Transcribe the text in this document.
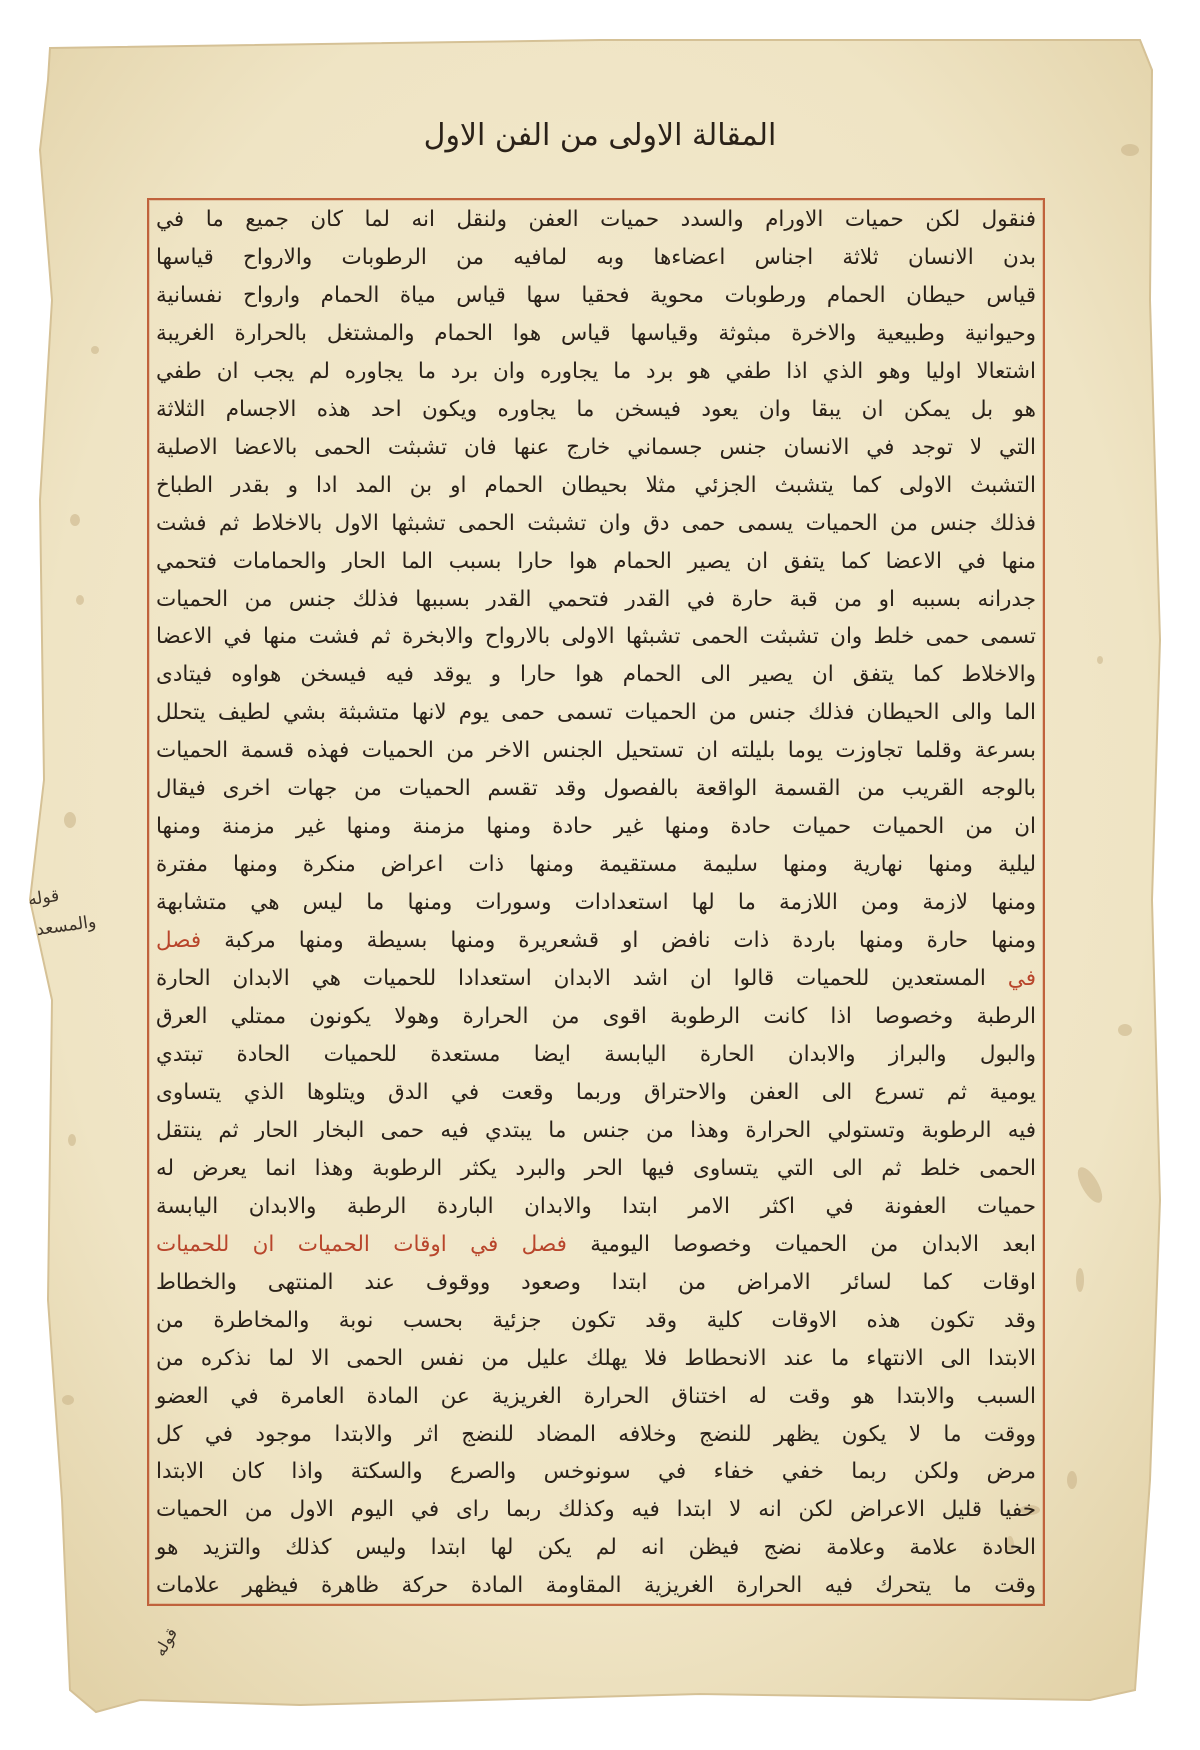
المقالة الاولى من الفن الاول
فنقول لكن حميات الاورام والسدد حميات العفن ولنقل انه لما كان جميع ما في
بدن الانسان ثلاثة اجناس اعضاءها وبه لمافيه من الرطوبات والارواح قياسها
قياس حيطان الحمام ورطوبات محوية فحقيا سها قياس مياة الحمام وارواح نفسانية
وحيوانية وطبيعية والاخرة مبثوثة وقياسها قياس هوا الحمام والمشتغل بالحرارة الغريبة
اشتعالا اوليا وهو الذي اذا طفي هو برد ما يجاوره وان برد ما يجاوره لم يجب ان طفي
هو بل يمكن ان يبقا وان يعود فيسخن ما يجاوره ويكون احد هذه الاجسام الثلاثة
التي لا توجد في الانسان جنس جسماني خارج عنها فان تشبثت الحمى بالاعضا الاصلية
التشبث الاولى كما يتشبث الجزئي مثلا بحيطان الحمام او بن المد ادا و بقدر الطباخ
فذلك جنس من الحميات يسمى حمى دق وان تشبثت الحمى تشبثها الاول بالاخلاط ثم فشت
منها في الاعضا كما يتفق ان يصير الحمام هوا حارا بسبب الما الحار والحمامات فتحمي
جدرانه بسببه او من قبة حارة في القدر فتحمي القدر بسببها فذلك جنس من الحميات
تسمى حمى خلط وان تشبثت الحمى تشبثها الاولى بالارواح والابخرة ثم فشت منها في الاعضا
والاخلاط كما يتفق ان يصير الى الحمام هوا حارا و يوقد فيه فيسخن هواوه فيتادى
الما والى الحيطان فذلك جنس من الحميات تسمى حمى يوم لانها متشبثة بشي لطيف يتحلل
بسرعة وقلما تجاوزت يوما بليلته ان تستحيل الجنس الاخر من الحميات فهذه قسمة الحميات
بالوجه القريب من القسمة الواقعة بالفصول وقد تقسم الحميات من جهات اخرى فيقال
ان من الحميات حميات حادة ومنها غير حادة ومنها مزمنة ومنها غير مزمنة ومنها
ليلية ومنها نهارية ومنها سليمة مستقيمة ومنها ذات اعراض منكرة ومنها مفترة
ومنها لازمة ومن اللازمة ما لها استعدادات وسورات ومنها ما ليس هي متشابهة
ومنها حارة ومنها باردة ذات نافض او قشعريرة ومنها بسيطة ومنها مركبة فصل
في المستعدين للحميات قالوا ان اشد الابدان استعدادا للحميات هي الابدان الحارة
الرطبة وخصوصا اذا كانت الرطوبة اقوى من الحرارة وهولا يكونون ممتلي العرق
والبول والبراز والابدان الحارة اليابسة ايضا مستعدة للحميات الحادة تبتدي
يومية ثم تسرع الى العفن والاحتراق وربما وقعت في الدق ويتلوها الذي يتساوى
فيه الرطوبة وتستولي الحرارة وهذا من جنس ما يبتدي فيه حمى البخار الحار ثم ينتقل
الحمى خلط ثم الى التي يتساوى فيها الحر والبرد يكثر الرطوبة وهذا انما يعرض له
حميات العفونة في اكثر الامر ابتدا والابدان الباردة الرطبة والابدان اليابسة
ابعد الابدان من الحميات وخصوصا اليومية فصل في اوقات الحميات ان للحميات
اوقات كما لسائر الامراض من ابتدا وصعود ووقوف عند المنتهى والخطاط
وقد تكون هذه الاوقات كلية وقد تكون جزئية بحسب نوبة والمخاطرة من
الابتدا الى الانتهاء ما عند الانحطاط فلا يهلك عليل من نفس الحمى الا لما نذكره من
السبب والابتدا هو وقت له اختناق الحرارة الغريزية عن المادة العامرة في العضو
ووقت ما لا يكون يظهر للنضج وخلافه المضاد للنضج اثر والابتدا موجود في كل
مرض ولكن ربما خفي خفاء في سونوخس والصرع والسكتة واذا كان الابتدا
خفيا قليل الاعراض لكن انه لا ابتدا فيه وكذلك ربما راى في اليوم الاول من الحميات
الحادة علامة وعلامة نضج فيظن انه لم يكن لها ابتدا وليس كذلك والتزيد هو
وقت ما يتحرك فيه الحرارة الغريزية المقاومة المادة حركة ظاهرة فيظهر علامات
قوله
والمسعد
قوله
